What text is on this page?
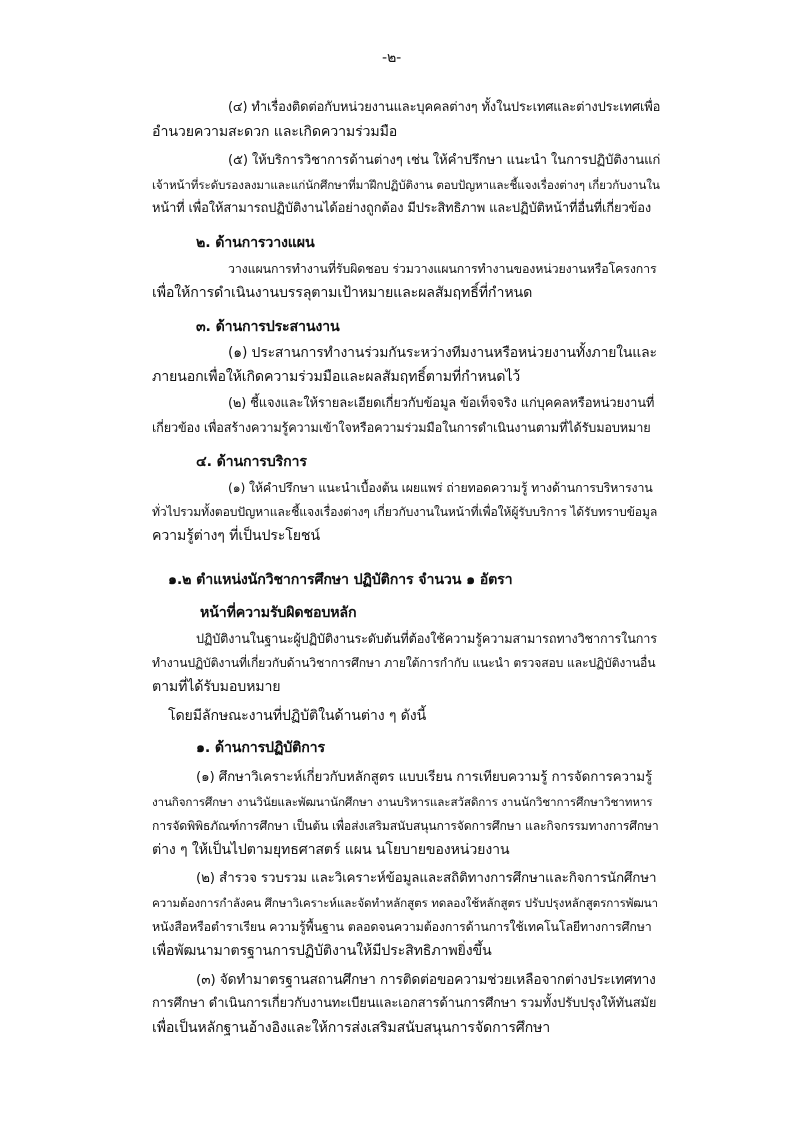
-๒-

(๔) ทำเรื่องติดต่อกับหน่วยงานและบุคคลต่างๆ ทั้งในประเทศและต่างประเทศเพื่อ

อำนวยความสะดวก และเกิดความร่วมมือ

(๕) ให้บริการวิชาการด้านต่างๆ เช่น ให้คำปรึกษา แนะนำ ในการปฏิบัติงานแก่

เจ้าหน้าที่ระดับรองลงมาและแก่นักศึกษาที่มาฝึกปฏิบัติงาน ตอบปัญหาและชี้แจงเรื่องต่างๆ เกี่ยวกับงานใน

หน้าที่ เพื่อให้สามารถปฏิบัติงานได้อย่างถูกต้อง มีประสิทธิภาพ และปฏิบัติหน้าที่อื่นที่เกี่ยวข้อง

๒. ด้านการวางแผน

วางแผนการทำงานที่รับผิดชอบ ร่วมวางแผนการทำงานของหน่วยงานหรือโครงการ

เพื่อให้การดำเนินงานบรรลุตามเป้าหมายและผลสัมฤทธิ์ที่กำหนด

๓. ด้านการประสานงาน

(๑) ประสานการทำงานร่วมกันระหว่างทีมงานหรือหน่วยงานทั้งภายในและ

ภายนอกเพื่อให้เกิดความร่วมมือและผลสัมฤทธิ์ตามที่กำหนดไว้

(๒) ชี้แจงและให้รายละเอียดเกี่ยวกับข้อมูล ข้อเท็จจริง แก่บุคคลหรือหน่วยงานที่

เกี่ยวข้อง เพื่อสร้างความรู้ความเข้าใจหรือความร่วมมือในการดำเนินงานตามที่ได้รับมอบหมาย

๔. ด้านการบริการ

(๑) ให้คำปรึกษา แนะนำเบื้องต้น เผยแพร่ ถ่ายทอดความรู้ ทางด้านการบริหารงาน

ทั่วไปรวมทั้งตอบปัญหาและชี้แจงเรื่องต่างๆ เกี่ยวกับงานในหน้าที่เพื่อให้ผู้รับบริการ ได้รับทราบข้อมูล

ความรู้ต่างๆ ที่เป็นประโยชน์

๑.๒ ตำแหน่งนักวิชาการศึกษา ปฏิบัติการ จำนวน ๑ อัตรา

หน้าที่ความรับผิดชอบหลัก

ปฏิบัติงานในฐานะผู้ปฏิบัติงานระดับต้นที่ต้องใช้ความรู้ความสามารถทางวิชาการในการ

ทำงานปฏิบัติงานที่เกี่ยวกับด้านวิชาการศึกษา ภายใต้การกำกับ แนะนำ ตรวจสอบ และปฏิบัติงานอื่น

ตามที่ได้รับมอบหมาย

โดยมีลักษณะงานที่ปฏิบัติในด้านต่าง ๆ ดังนี้

๑. ด้านการปฏิบัติการ

(๑) ศึกษาวิเคราะห์เกี่ยวกับหลักสูตร แบบเรียน การเทียบความรู้ การจัดการความรู้

งานกิจการศึกษา งานวินัยและพัฒนานักศึกษา งานบริหารและสวัสดิการ งานนักวิชาการศึกษาวิชาทหาร

การจัดพิพิธภัณฑ์การศึกษา เป็นต้น เพื่อส่งเสริมสนับสนุนการจัดการศึกษา และกิจกรรมทางการศึกษา

ต่าง ๆ ให้เป็นไปตามยุทธศาสตร์ แผน นโยบายของหน่วยงาน

(๒) สำรวจ รวบรวม และวิเคราะห์ข้อมูลและสถิติทางการศึกษาและกิจการนักศึกษา

ความต้องการกำลังคน ศึกษาวิเคราะห์และจัดทำหลักสูตร ทดลองใช้หลักสูตร ปรับปรุงหลักสูตรการพัฒนา

หนังสือหรือตำราเรียน ความรู้พื้นฐาน ตลอดจนความต้องการด้านการใช้เทคโนโลยีทางการศึกษา

เพื่อพัฒนามาตรฐานการปฏิบัติงานให้มีประสิทธิภาพยิ่งขึ้น

(๓) จัดทำมาตรฐานสถานศึกษา การติดต่อขอความช่วยเหลือจากต่างประเทศทาง

การศึกษา ดำเนินการเกี่ยวกับงานทะเบียนและเอกสารด้านการศึกษา รวมทั้งปรับปรุงให้ทันสมัย

เพื่อเป็นหลักฐานอ้างอิงและให้การส่งเสริมสนับสนุนการจัดการศึกษา
